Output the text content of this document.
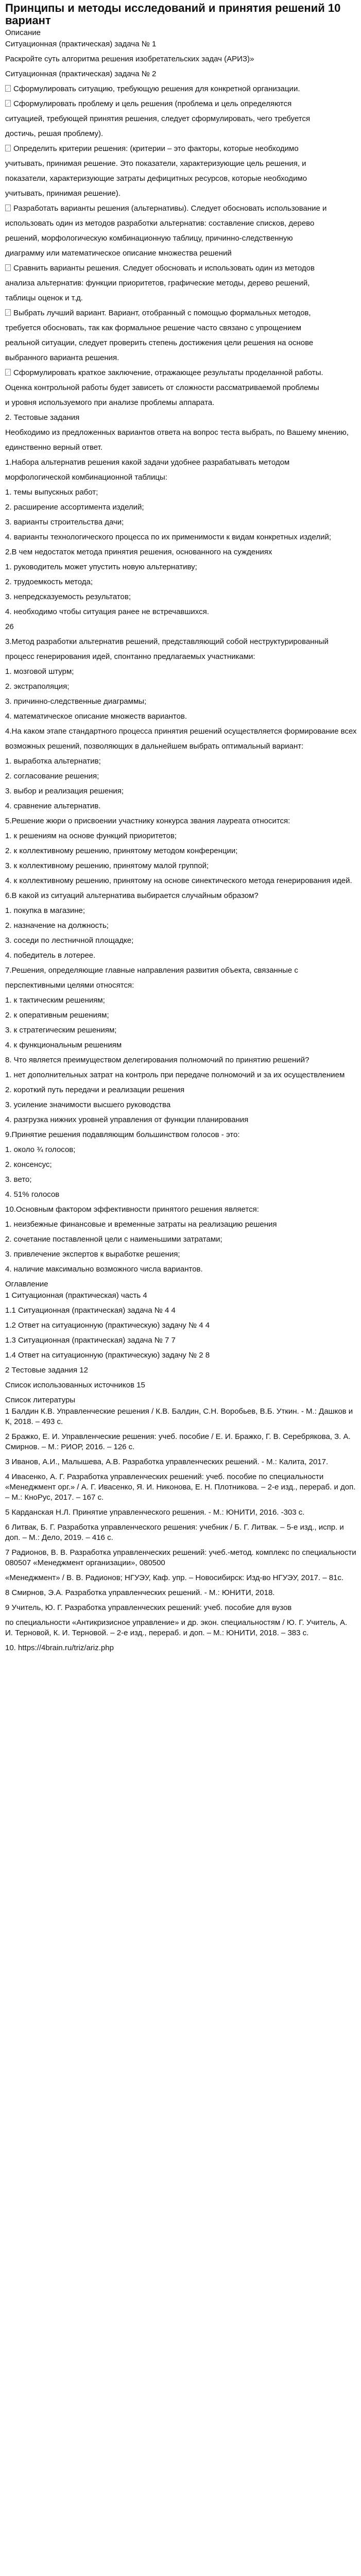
Принципы и методы исследований и принятия решений 10 вариант
Описание
Ситуационная (практическая) задача № 1
Раскройте суть алгоритма решения изобретательских задач (АРИЗ)»
Ситуационная (практическая) задача № 2
Сформулировать ситуацию, требующую решения для конкретной организации.
Сформулировать проблему и цель решения (проблема и цель определяются
ситуацией, требующей принятия решения, следует сформулировать, чего требуется
достичь, решая проблему).
Определить критерии решения: (критерии – это факторы, которые необходимо
учитывать, принимая решение. Это показатели, характеризующие цель решения, и
показатели, характеризующие затраты дефицитных ресурсов, которые необходимо
учитывать, принимая решение).
Разработать варианты решения (альтернативы). Следует обосновать использование и
использовать один из методов разработки альтернатив: составление списков, дерево
решений, морфологическую комбинационную таблицу, причинно-следственную
диаграмму или математическое описание множества решений
Сравнить варианты решения. Следует обосновать и использовать один из методов
анализа альтернатив: функции приоритетов, графические методы, дерево решений,
таблицы оценок и т.д.
Выбрать лучший вариант. Вариант, отобранный с помощью формальных методов,
требуется обосновать, так как формальное решение часто связано с упрощением
реальной ситуации, следует проверить степень достижения цели решения на основе
выбранного варианта решения.
Сформулировать краткое заключение, отражающее результаты проделанной работы.
Оценка контрольной работы будет зависеть от сложности рассматриваемой проблемы
и уровня используемого при анализе проблемы аппарата.
2. Тестовые задания
Необходимо из предложенных вариантов ответа на вопрос теста выбрать, по Вашему мнению,
единственно верный ответ.
1.Набора альтернатив решения какой задачи удобнее разрабатывать методом
морфологической комбинационной таблицы:
1. темы выпускных работ;
2. расширение ассортимента изделий;
3. варианты строительства дачи;
4. варианты технологического процесса по их применимости к видам конкретных изделий;
2.В чем недостаток метода принятия решения, основанного на суждениях
1. руководитель может упустить новую альтернативу;
2. трудоемкость метода;
3. непредсказуемость результатов;
4. необходимо чтобы ситуация ранее не встречавшихся.
26
3.Метод разработки альтернатив решений, представляющий собой неструктурированный
процесс генерирования идей, спонтанно предлагаемых участниками:
1. мозговой штурм;
2. экстраполяция;
3. причинно-следственные диаграммы;
4. математическое описание множеств вариантов.
4.На каком этапе стандартного процесса принятия решений осуществляется формирование всех
возможных решений, позволяющих в дальнейшем выбрать оптимальный вариант:
1. выработка альтернатив;
2. согласование решения;
3. выбор и реализация решения;
4. сравнение альтернатив.
5.Решение жюри о присвоении участнику конкурса звания лауреата относится:
1. к решениям на основе функций приоритетов;
2. к коллективному решению, принятому методом конференции;
3. к коллективному решению, принятому малой группой;
4. к коллективному решению, принятому на основе синектического метода генерирования идей.
6.В какой из ситуаций альтернатива выбирается случайным образом?
1. покупка в магазине;
2. назначение на должность;
3. соседи по лестничной площадке;
4. победитель в лотерее.
7.Решения, определяющие главные направления развития объекта, связанные с
перспективными целями относятся:
1. к тактическим решениям;
2. к оперативным решениям;
3. к стратегическим решениям;
4. к функциональным решениям
8. Что является преимуществом делегирования полномочий по принятию решений?
1. нет дополнительных затрат на контроль при передаче полномочий и за их осуществлением
2. короткий путь передачи и реализации решения
3. усиление значимости высшего руководства
4. разгрузка нижних уровней управления от функции планирования
9.Принятие решения подавляющим большинством голосов - это:
1. около ¾ голосов;
2. консенсус;
3. вето;
4. 51% голосов
10.Основным фактором эффективности принятого решения является:
1. неизбежные финансовые и временные затраты на реализацию решения
2. сочетание поставленной цели с наименьшими затратами;
3. привлечение экспертов к выработке решения;
4. наличие максимально возможного числа вариантов.
Оглавление
1 Ситуационная (практическая) часть 4
1.1 Ситуационная (практическая) задача № 4 4
1.2 Ответ на ситуационную (практическую) задачу № 4 4
1.3 Ситуационная (практическая) задача № 7 7
1.4 Ответ на ситуационную (практическую) задачу № 2 8
2 Тестовые задания 12
Список использованных источников 15
Список литературы
1 Балдин К.В. Управленческие решения / К.В. Балдин, С.Н. Воробьев, В.Б. Уткин. - М.: Дашков и К, 2018. – 493 с.
2 Бражко, Е. И. Управленческие решения: учеб. пособие / Е. И. Бражко, Г. В. Серебрякова, З. А. Смирнов. – М.: РИОР, 2016. – 126 с.
3 Иванов, А.И., Малышева, А.В. Разработка управленческих решений. - М.: Калита, 2017.
4 Ивасенко, А. Г. Разработка управленческих решений: учеб. пособие по специальности «Менеджмент орг.» / А. Г. Ивасенко, Я. И. Никонова, Е. Н. Плотникова. – 2-е изд., перераб. и доп. – М.: КноРус, 2017. – 167 с.
5 Карданская Н.Л. Принятие управленческого решения. - М.: ЮНИТИ, 2016. -303 с.
6 Литвак, Б. Г. Разработка управленческого решения: учебник / Б. Г. Литвак. – 5-е изд., испр. и доп. – М.: Дело, 2019. – 416 с.
7 Радионов, В. В. Разработка управленческих решений: учеб.-метод. комплекс по специальности 080507 «Менеджмент организации», 080500
«Менеджмент» / В. В. Радионов; НГУЭУ, Каф. упр. – Новосибирск: Изд-во НГУЭУ, 2017. – 81с.
8 Смирнов, Э.А. Разработка управленческих решений. - М.: ЮНИТИ, 2018.
9 Учитель, Ю. Г. Разработка управленческих решений: учеб. пособие для вузов
по специальности «Антикризисное управление» и др. экон. специальностям / Ю. Г. Учитель, А. И. Терновой, К. И. Терновой. – 2-е изд., перераб. и доп. – М.: ЮНИТИ, 2018. – 383 с.
10. https://4brain.ru/triz/ariz.php
